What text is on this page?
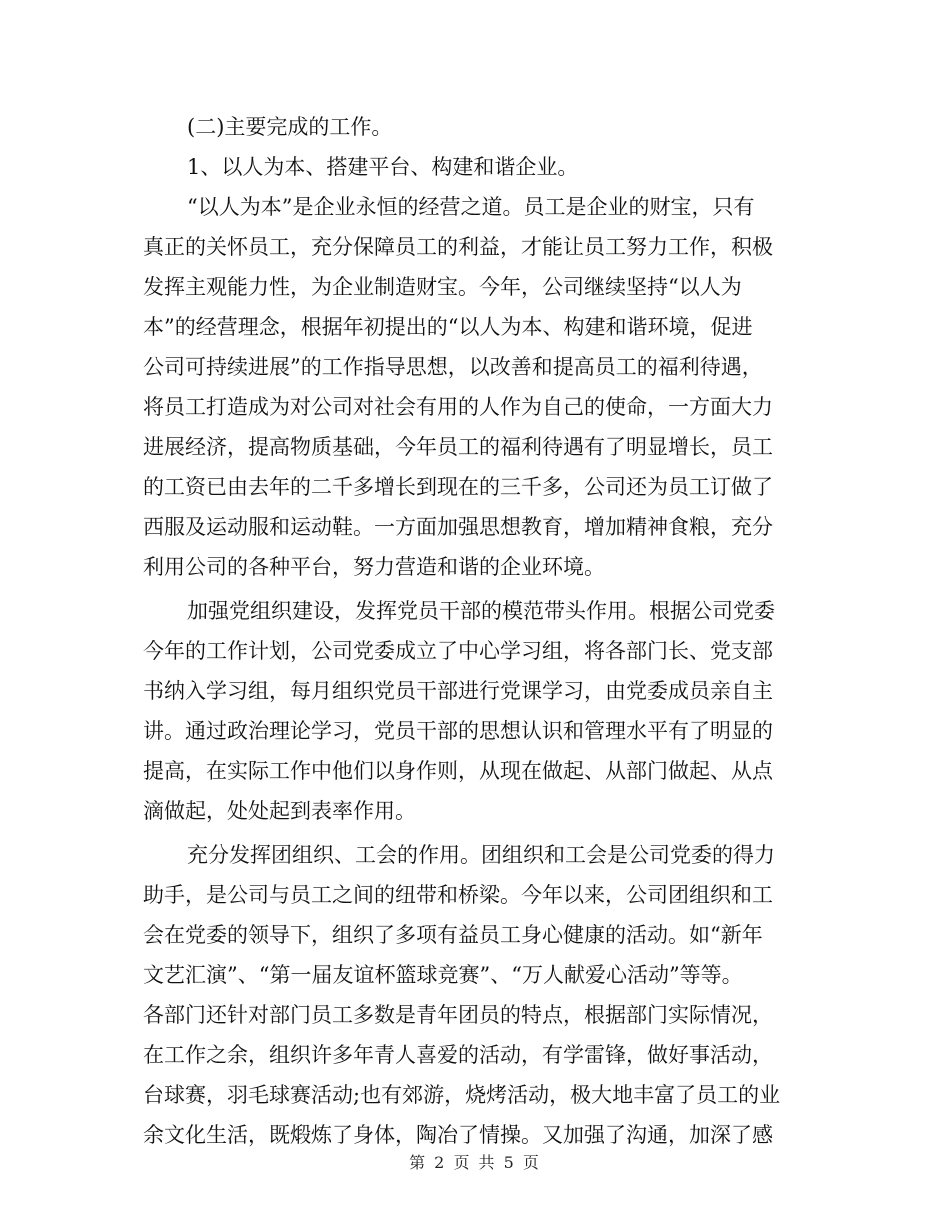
(二)主要完成的工作。
1、以人为本、搭建平台、构建和谐企业。
“以人为本”是企业永恒的经营之道。员工是企业的财宝，只有
真正的关怀员工，充分保障员工的利益，才能让员工努力工作，积极
发挥主观能力性，为企业制造财宝。今年，公司继续坚持“以人为
本”的经营理念，根据年初提出的“以人为本、构建和谐环境，促进
公司可持续进展”的工作指导思想，以改善和提高员工的福利待遇，
将员工打造成为对公司对社会有用的人作为自己的使命，一方面大力
进展经济，提高物质基础，今年员工的福利待遇有了明显增长，员工
的工资已由去年的二千多增长到现在的三千多，公司还为员工订做了
西服及运动服和运动鞋。一方面加强思想教育，增加精神食粮，充分
利用公司的各种平台，努力营造和谐的企业环境。
加强党组织建设，发挥党员干部的模范带头作用。根据公司党委
今年的工作计划，公司党委成立了中心学习组，将各部门长、党支部
书纳入学习组，每月组织党员干部进行党课学习，由党委成员亲自主
讲。通过政治理论学习，党员干部的思想认识和管理水平有了明显的
提高，在实际工作中他们以身作则，从现在做起、从部门做起、从点
滴做起，处处起到表率作用。
充分发挥团组织、工会的作用。团组织和工会是公司党委的得力
助手，是公司与员工之间的纽带和桥梁。今年以来，公司团组织和工
会在党委的领导下，组织了多项有益员工身心健康的活动。如“新年
文艺汇演”、“第一届友谊杯篮球竞赛”、“万人献爱心活动”等等。
各部门还针对部门员工多数是青年团员的特点，根据部门实际情况，
在工作之余，组织许多年青人喜爱的活动，有学雷锋，做好事活动，
台球赛，羽毛球赛活动;也有郊游，烧烤活动，极大地丰富了员工的业
余文化生活，既煅炼了身体，陶冶了情操。又加强了沟通，加深了感
第 2 页 共 5 页
